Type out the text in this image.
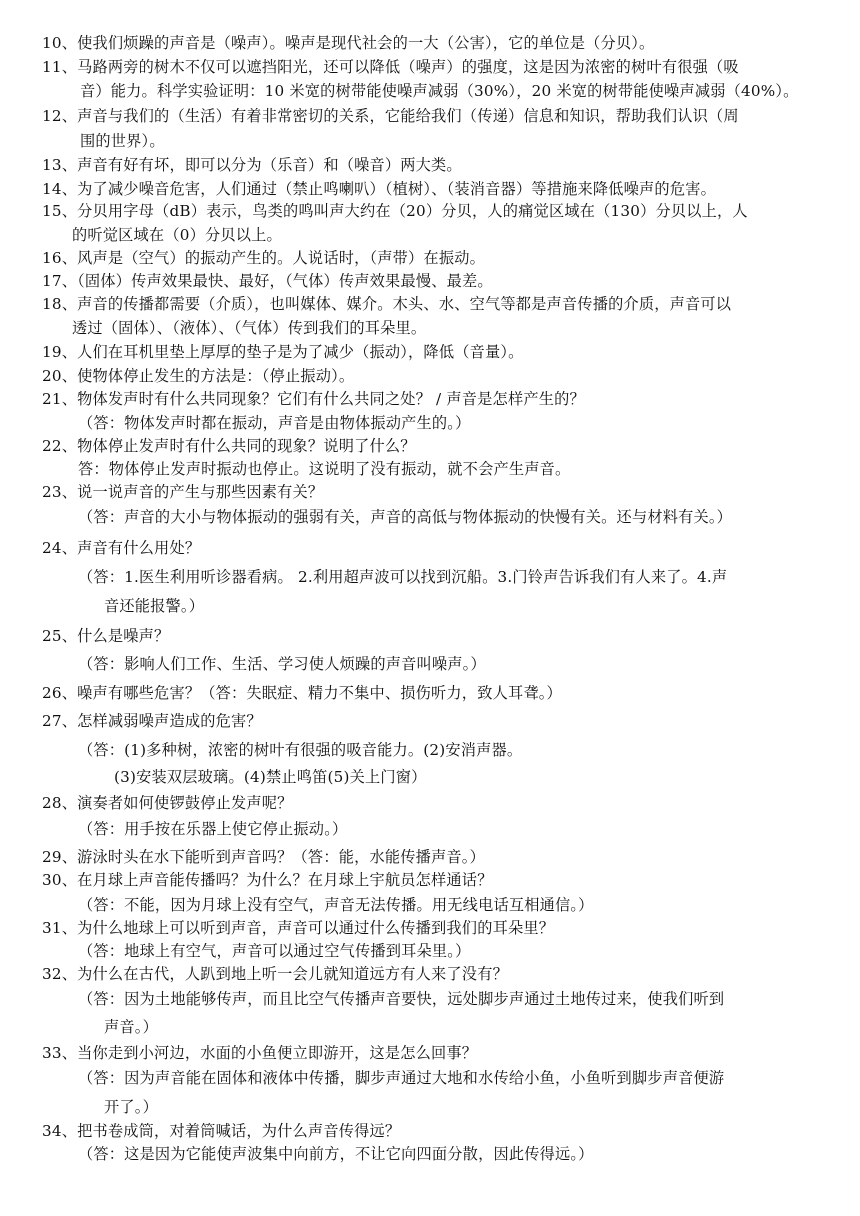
10、使我们烦躁的声音是（噪声）。噪声是现代社会的一大（公害），它的单位是（分贝）。
11、马路两旁的树木不仅可以遮挡阳光，还可以降低（噪声）的强度，这是因为浓密的树叶有很强（吸
音）能力。科学实验证明：10 米宽的树带能使噪声减弱（30%），20 米宽的树带能使噪声减弱（40%）。
12、声音与我们的（生活）有着非常密切的关系，它能给我们（传递）信息和知识，帮助我们认识（周
围的世界）。
13、声音有好有坏，即可以分为（乐音）和（噪音）两大类。
14、为了减少噪音危害，人们通过（禁止鸣喇叭）（植树）、（装消音器）等措施来降低噪声的危害。
15、分贝用字母（dB）表示，鸟类的鸣叫声大约在（20）分贝，人的痛觉区域在（130）分贝以上，人
的听觉区域在（0）分贝以上。
16、风声是（空气）的振动产生的。人说话时，（声带）在振动。
17、（固体）传声效果最快、最好，（气体）传声效果最慢、最差。
18、声音的传播都需要（介质），也叫媒体、媒介。木头、水、空气等都是声音传播的介质，声音可以
透过（固体）、（液体）、（气体）传到我们的耳朵里。
19、人们在耳机里垫上厚厚的垫子是为了减少（振动），降低（音量）。
20、使物体停止发生的方法是：（停止振动）。
21、物体发声时有什么共同现象？它们有什么共同之处？ / 声音是怎样产生的？
（答：物体发声时都在振动，声音是由物体振动产生的。）
22、物体停止发声时有什么共同的现象？说明了什么？
答：物体停止发声时振动也停止。这说明了没有振动，就不会产生声音。
23、说一说声音的产生与那些因素有关？
（答：声音的大小与物体振动的强弱有关，声音的高低与物体振动的快慢有关。还与材料有关。）
24、声音有什么用处？
（答：1.医生利用听诊器看病。 2.利用超声波可以找到沉船。3.门铃声告诉我们有人来了。4.声
音还能报警。）
25、什么是噪声？
（答：影响人们工作、生活、学习使人烦躁的声音叫噪声。）
26、噪声有哪些危害？（答：失眠症、精力不集中、损伤听力，致人耳聋。）
27、怎样减弱噪声造成的危害？
（答：(1)多种树，浓密的树叶有很强的吸音能力。(2)安消声器。
(3)安装双层玻璃。(4)禁止鸣笛(5)关上门窗）
28、演奏者如何使锣鼓停止发声呢？
（答：用手按在乐器上使它停止振动。）
29、游泳时头在水下能听到声音吗？（答：能，水能传播声音。）
30、在月球上声音能传播吗？为什么？在月球上宇航员怎样通话？
（答：不能，因为月球上没有空气，声音无法传播。用无线电话互相通信。）
31、为什么地球上可以听到声音，声音可以通过什么传播到我们的耳朵里？
（答：地球上有空气，声音可以通过空气传播到耳朵里。）
32、为什么在古代，人趴到地上听一会儿就知道远方有人来了没有？
（答：因为土地能够传声，而且比空气传播声音要快，远处脚步声通过土地传过来，使我们听到
声音。）
33、当你走到小河边，水面的小鱼便立即游开，这是怎么回事？
（答：因为声音能在固体和液体中传播，脚步声通过大地和水传给小鱼，小鱼听到脚步声音便游
开了。）
34、把书卷成筒，对着筒喊话，为什么声音传得远？
（答：这是因为它能使声波集中向前方，不让它向四面分散，因此传得远。）
